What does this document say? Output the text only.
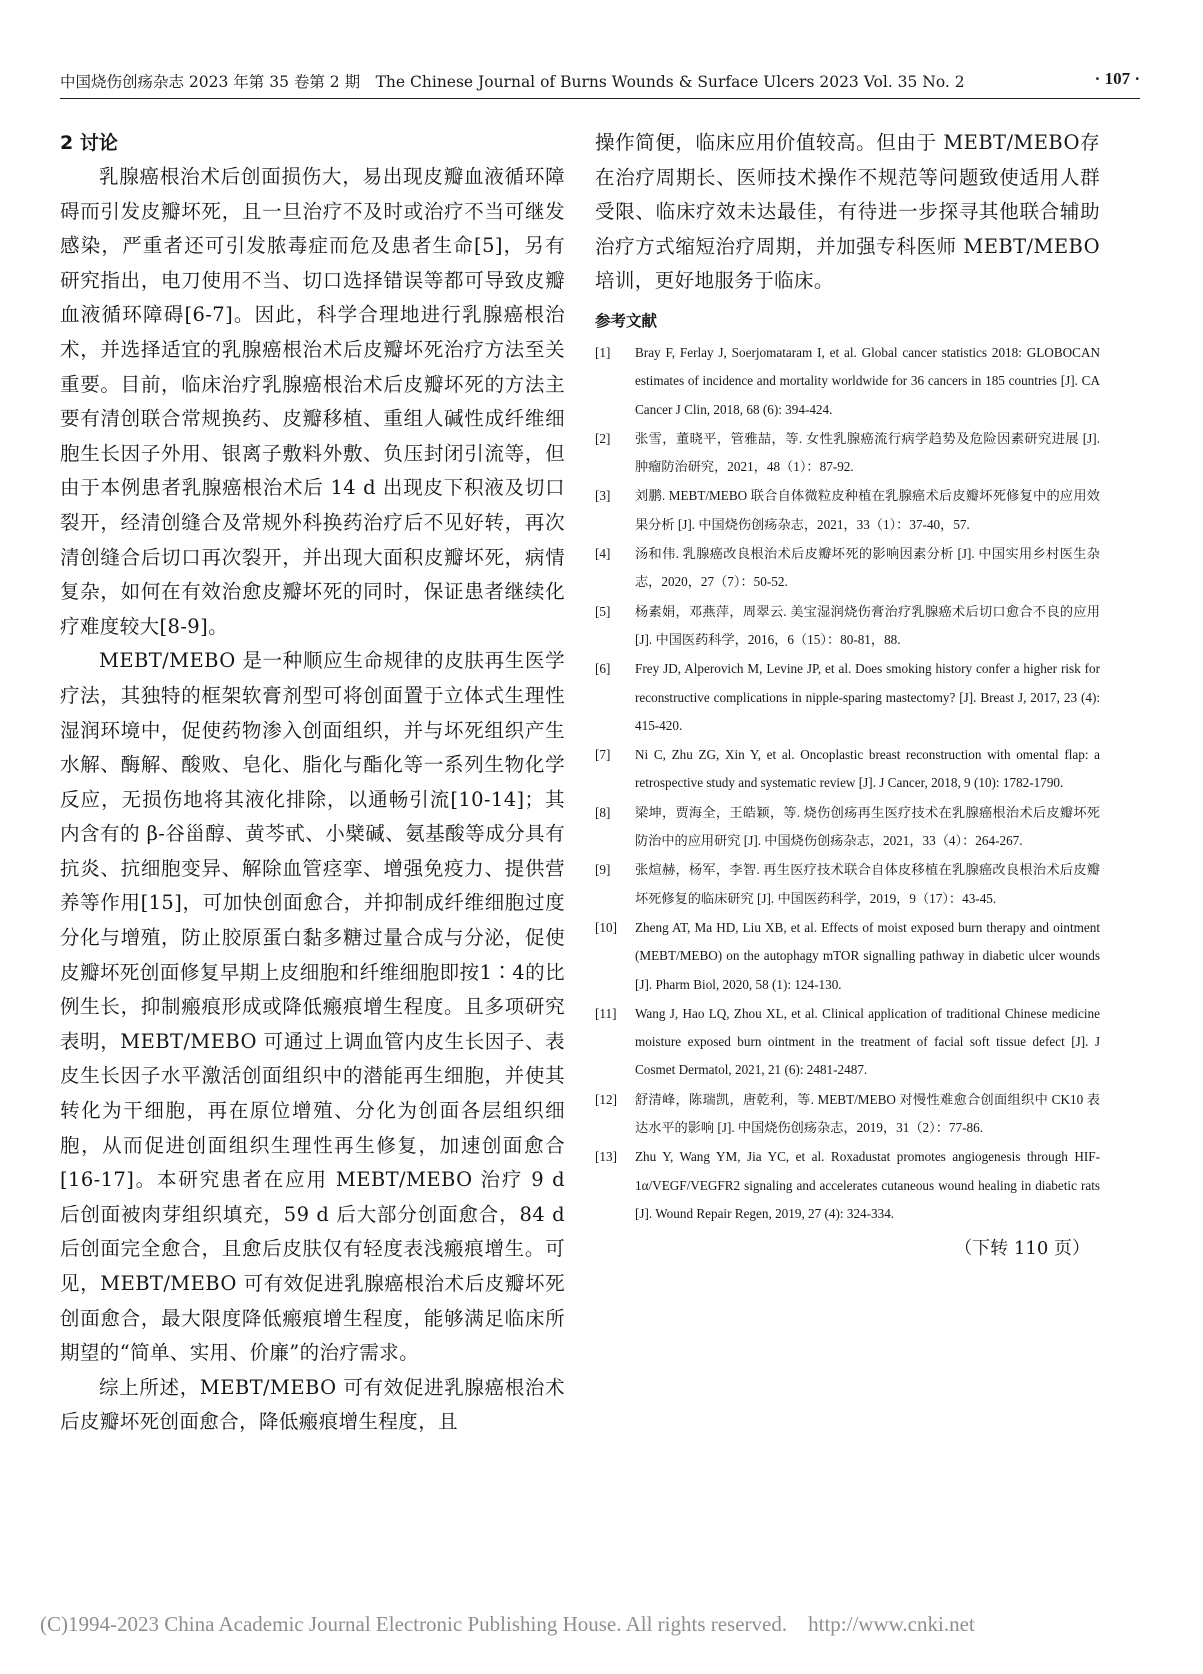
中国烧伤创疡杂志 2023 年第 35 卷第 2 期　The Chinese Journal of Burns Wounds & Surface Ulcers 2023 Vol. 35 No. 2	· 107 ·
2 讨论

乳腺癌根治术后创面损伤大，易出现皮瓣血液循环障碍而引发皮瓣坏死，且一旦治疗不及时或治疗不当可继发感染，严重者还可引发脓毒症而危及患者生命[5]，另有研究指出，电刀使用不当、切口选择错误等都可导致皮瓣血液循环障碍[6-7]。因此，科学合理地进行乳腺癌根治术，并选择适宜的乳腺癌根治术后皮瓣坏死治疗方法至关重要。目前，临床治疗乳腺癌根治术后皮瓣坏死的方法主要有清创联合常规换药、皮瓣移植、重组人碱性成纤维细胞生长因子外用、银离子敷料外敷、负压封闭引流等，但由于本例患者乳腺癌根治术后 14 d 出现皮下积液及切口裂开，经清创缝合及常规外科换药治疗后不见好转，再次清创缝合后切口再次裂开，并出现大面积皮瓣坏死，病情复杂，如何在有效治愈皮瓣坏死的同时，保证患者继续化疗难度较大[8-9]。

MEBT/MEBO 是一种顺应生命规律的皮肤再生医学疗法，其独特的框架软膏剂型可将创面置于立体式生理性湿润环境中，促使药物渗入创面组织，并与坏死组织产生水解、酶解、酸败、皂化、脂化与酯化等一系列生物化学反应，无损伤地将其液化排除，以通畅引流[10-14]；其内含有的 β-谷甾醇、黄芩甙、小檗碱、氨基酸等成分具有抗炎、抗细胞变异、解除血管痉挛、增强免疫力、提供营养等作用[15]，可加快创面愈合，并抑制成纤维细胞过度分化与增殖，防止胶原蛋白黏多糖过量合成与分泌，促使皮瓣坏死创面修复早期上皮细胞和纤维细胞即按1∶4的比例生长，抑制瘢痕形成或降低瘢痕增生程度。且多项研究表明，MEBT/MEBO 可通过上调血管内皮生长因子、表皮生长因子水平激活创面组织中的潜能再生细胞，并使其转化为干细胞，再在原位增殖、分化为创面各层组织细胞，从而促进创面组织生理性再生修复，加速创面愈合[16-17]。本研究患者在应用 MEBT/MEBO 治疗 9 d 后创面被肉芽组织填充，59 d 后大部分创面愈合，84 d 后创面完全愈合，且愈后皮肤仅有轻度表浅瘢痕增生。可见，MEBT/MEBO 可有效促进乳腺癌根治术后皮瓣坏死创面愈合，最大限度降低瘢痕增生程度，能够满足临床所期望的“简单、实用、价廉”的治疗需求。

综上所述，MEBT/MEBO 可有效促进乳腺癌根治术后皮瓣坏死创面愈合，降低瘢痕增生程度，且

操作简便，临床应用价值较高。但由于 MEBT/MEBO存在治疗周期长、医师技术操作不规范等问题致使适用人群受限、临床疗效未达最佳，有待进一步探寻其他联合辅助治疗方式缩短治疗周期，并加强专科医师 MEBT/MEBO 培训，更好地服务于临床。

参考文献
[1]	Bray F, Ferlay J, Soerjomataram I, et al. Global cancer statistics 2018: GLOBOCAN estimates of incidence and mortality worldwide for 36 cancers in 185 countries [J]. CA Cancer J Clin, 2018, 68 (6): 394-424.
[2]	张雪，董晓平，管雅喆，等. 女性乳腺癌流行病学趋势及危险因素研究进展 [J]. 肿瘤防治研究，2021，48（1）：87-92.
[3]	刘鹏. MEBT/MEBO 联合自体微粒皮种植在乳腺癌术后皮瓣坏死修复中的应用效果分析 [J]. 中国烧伤创疡杂志，2021，33（1）：37-40，57.
[4]	汤和伟. 乳腺癌改良根治术后皮瓣坏死的影响因素分析 [J]. 中国实用乡村医生杂志，2020，27（7）：50-52.
[5]	杨素娟，邓燕萍，周翠云. 美宝湿润烧伤膏治疗乳腺癌术后切口愈合不良的应用 [J]. 中国医药科学，2016，6（15）：80-81，88.
[6]	Frey JD, Alperovich M, Levine JP, et al. Does smoking history confer a higher risk for reconstructive complications in nipple-sparing mastectomy? [J]. Breast J, 2017, 23 (4): 415-420.
[7]	Ni C, Zhu ZG, Xin Y, et al. Oncoplastic breast reconstruction with omental flap: a retrospective study and systematic review [J]. J Cancer, 2018, 9 (10): 1782-1790.
[8]	梁坤，贾海全，王皓颖，等. 烧伤创疡再生医疗技术在乳腺癌根治术后皮瓣坏死防治中的应用研究 [J]. 中国烧伤创疡杂志，2021，33（4）：264-267.
[9]	张煊赫，杨军，李智. 再生医疗技术联合自体皮移植在乳腺癌改良根治术后皮瓣坏死修复的临床研究 [J]. 中国医药科学，2019，9（17）：43-45.
[10]	Zheng AT, Ma HD, Liu XB, et al. Effects of moist exposed burn therapy and ointment (MEBT/MEBO) on the autophagy mTOR signalling pathway in diabetic ulcer wounds [J]. Pharm Biol, 2020, 58 (1): 124-130.
[11]	Wang J, Hao LQ, Zhou XL, et al. Clinical application of traditional Chinese medicine moisture exposed burn ointment in the treatment of facial soft tissue defect [J]. J Cosmet Dermatol, 2021, 21 (6): 2481-2487.
[12]	舒清峰，陈瑞凯，唐乾利，等. MEBT/MEBO 对慢性难愈合创面组织中 CK10 表达水平的影响 [J]. 中国烧伤创疡杂志，2019，31（2）：77-86.
[13]	Zhu Y, Wang YM, Jia YC, et al. Roxadustat promotes angiogenesis through HIF-1α/VEGF/VEGFR2 signaling and accelerates cutaneous wound healing in diabetic rats [J]. Wound Repair Regen, 2019, 27 (4): 324-334.
（下转 110 页）
(C)1994-2023 China Academic Journal Electronic Publishing House. All rights reserved.　http://www.cnki.net
